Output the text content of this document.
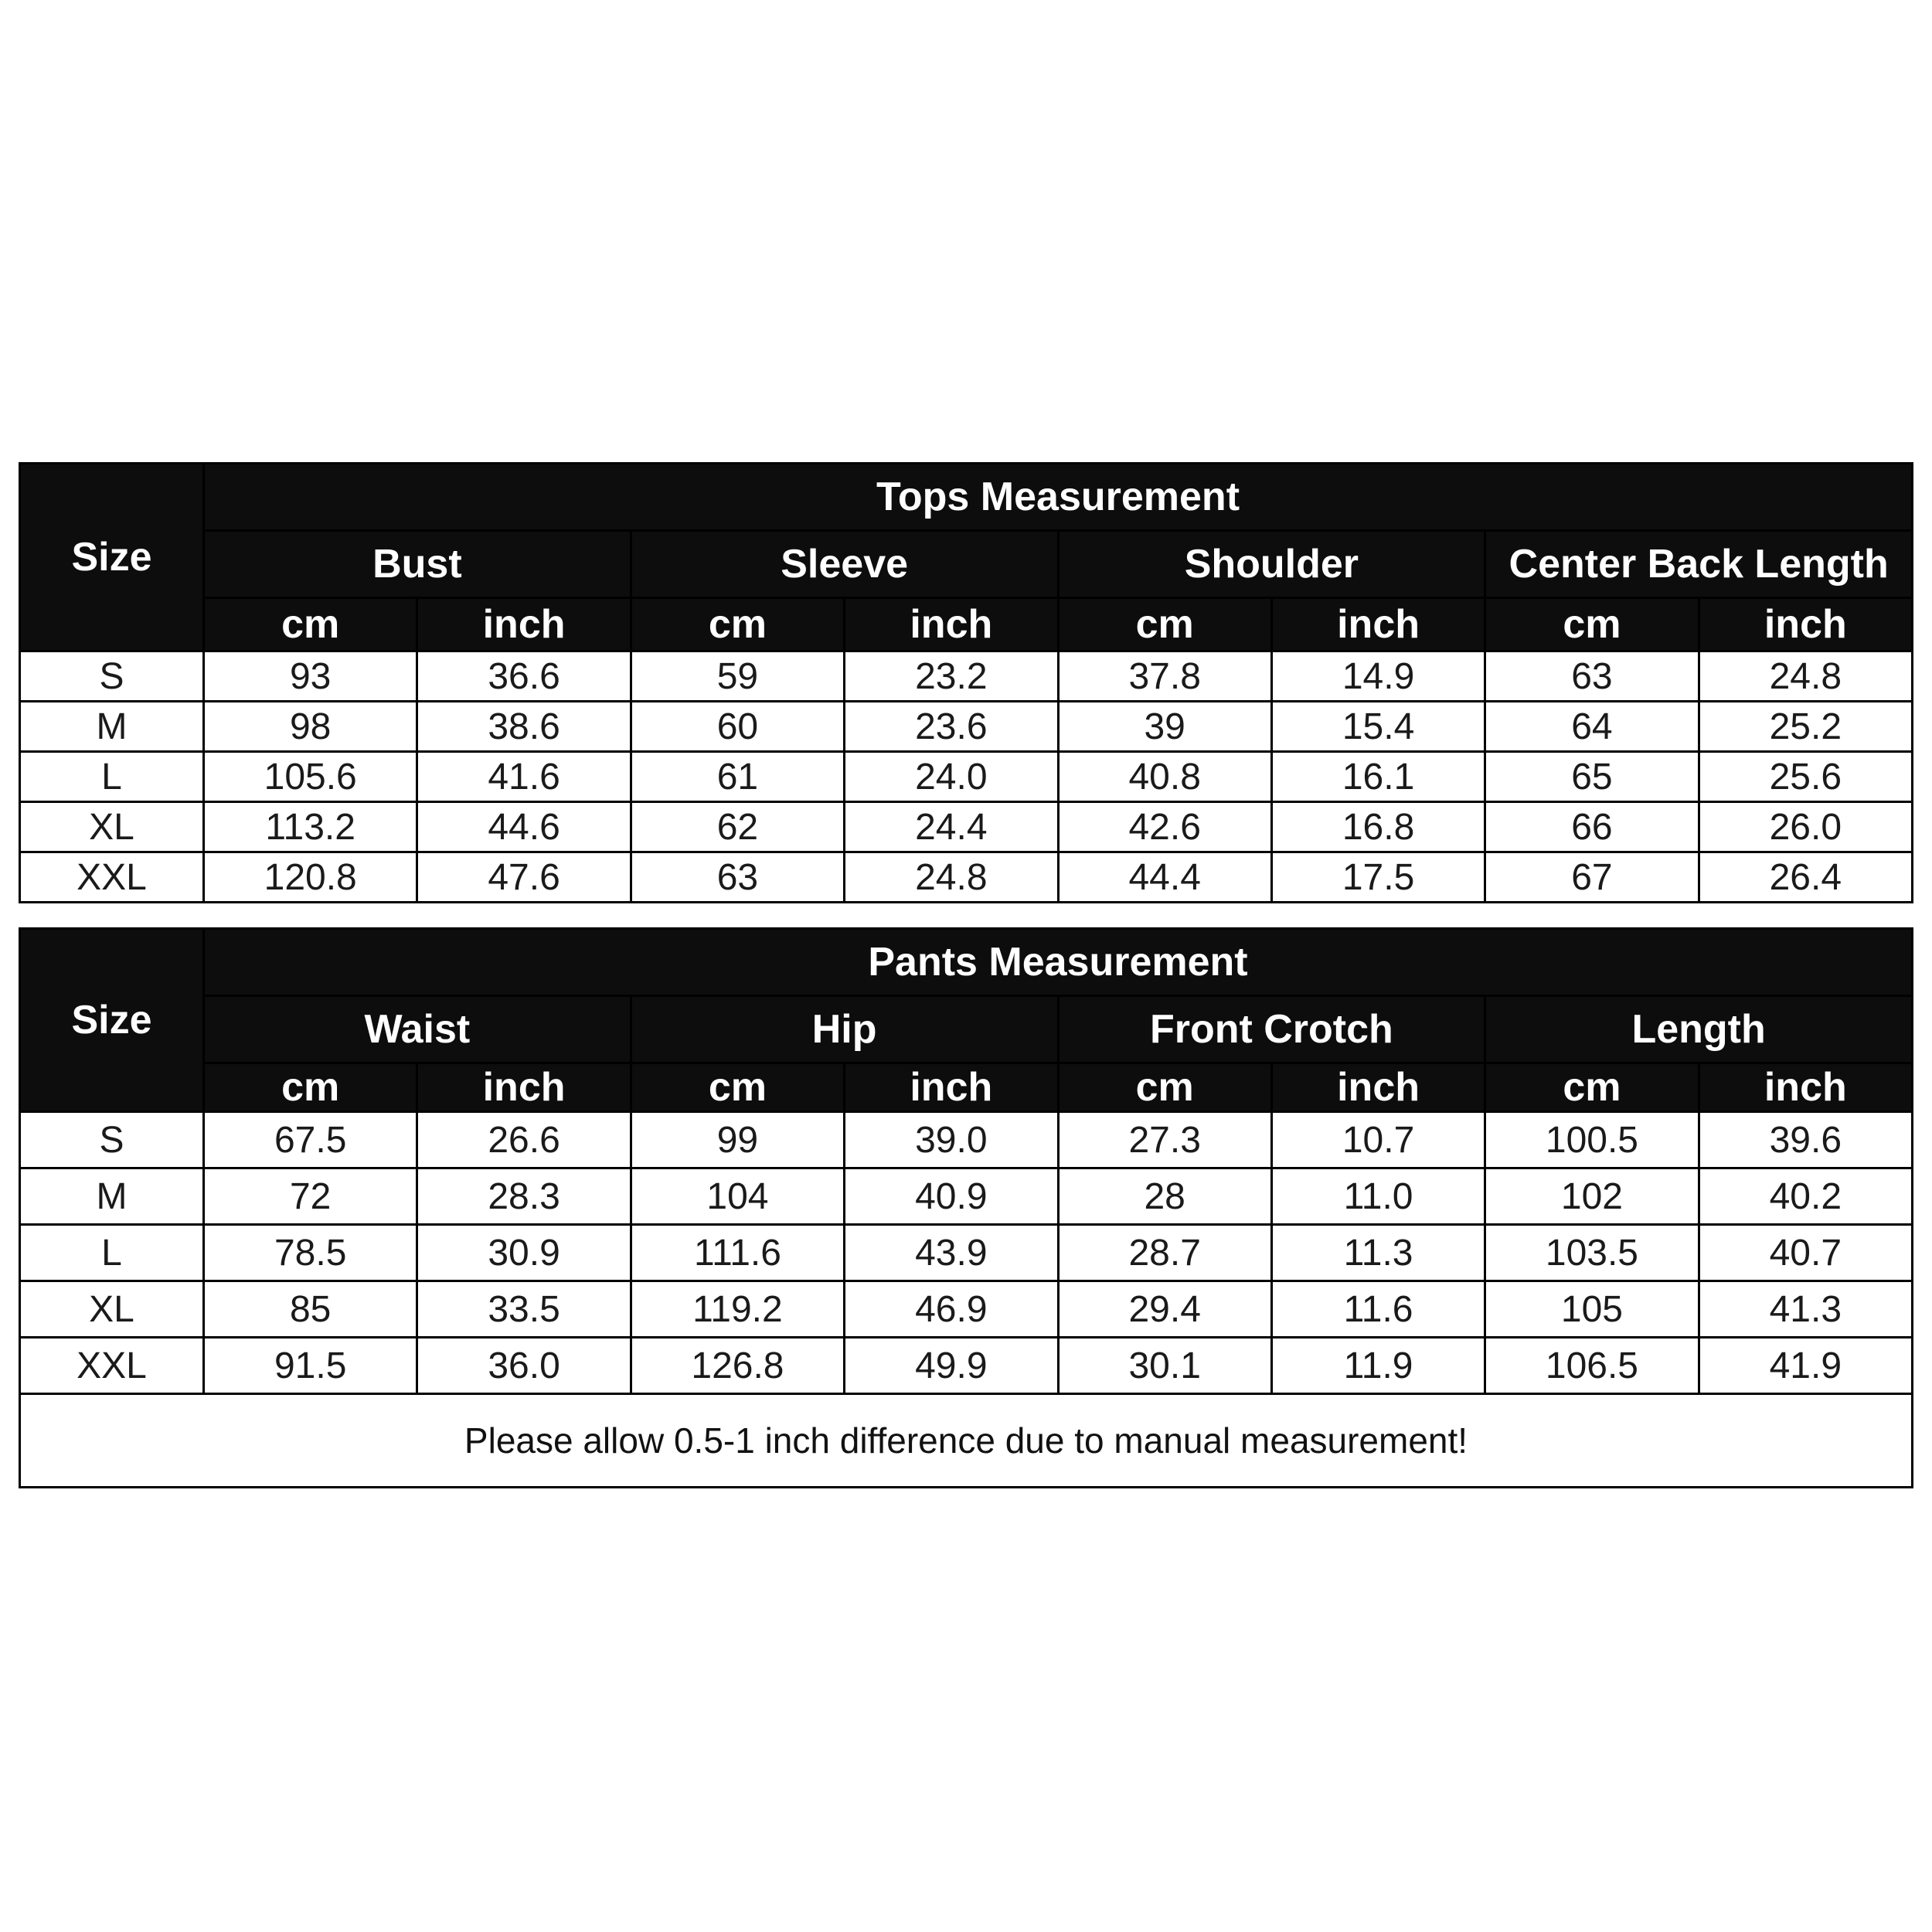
Size	Tops Measurement							
	Bust		Sleeve		Shoulder		Center Back Length	
	cm	inch	cm	inch	cm	inch	cm	inch
S	93	36.6	59	23.2	37.8	14.9	63	24.8
M	98	38.6	60	23.6	39	15.4	64	25.2
L	105.6	41.6	61	24.0	40.8	16.1	65	25.6
XL	113.2	44.6	62	24.4	42.6	16.8	66	26.0
XXL	120.8	47.6	63	24.8	44.4	17.5	67	26.4
Size	Pants Measurement							
	Waist		Hip		Front Crotch		Length	
	cm	inch	cm	inch	cm	inch	cm	inch
S	67.5	26.6	99	39.0	27.3	10.7	100.5	39.6
M	72	28.3	104	40.9	28	11.0	102	40.2
L	78.5	30.9	111.6	43.9	28.7	11.3	103.5	40.7
XL	85	33.5	119.2	46.9	29.4	11.6	105	41.3
XXL	91.5	36.0	126.8	49.9	30.1	11.9	106.5	41.9
Please allow 0.5-1 inch difference due to manual measurement!								
